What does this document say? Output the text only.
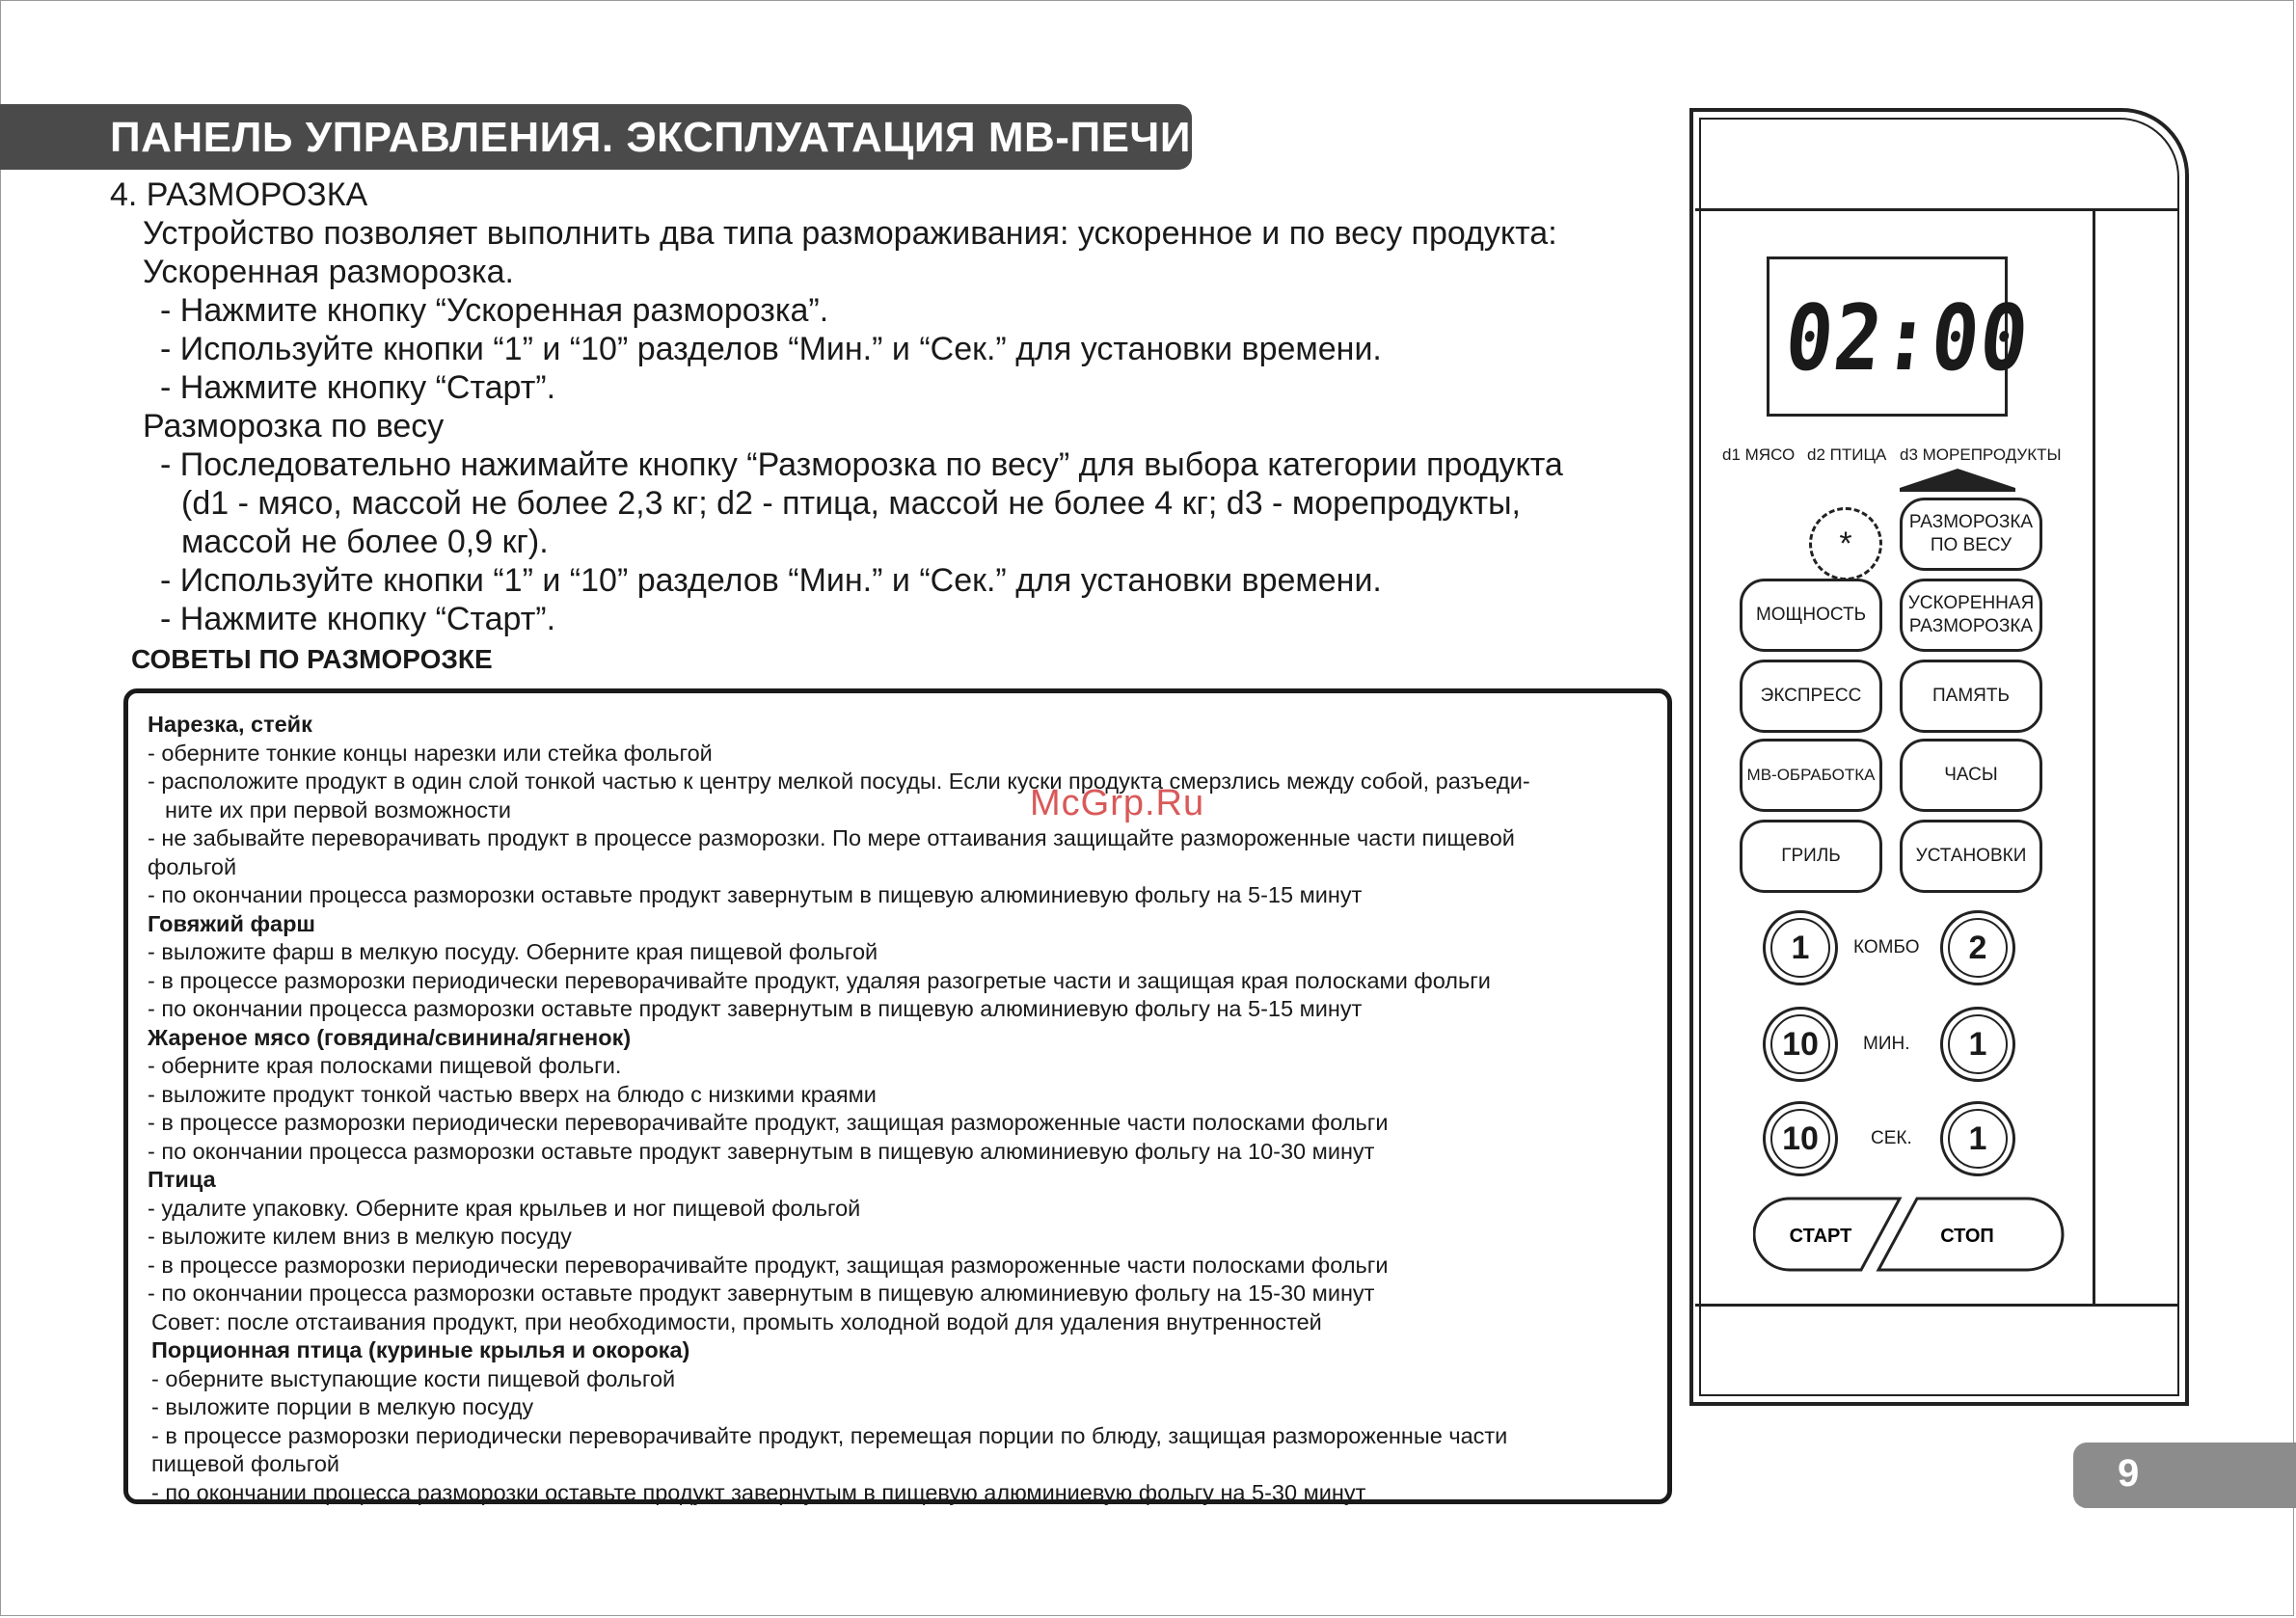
ПАНЕЛЬ УПРАВЛЕНИЯ. ЭКСПЛУАТАЦИЯ МВ-ПЕЧИ
4. РАЗМОРОЗКА
Устройство позволяет выполнить два типа размораживания: ускоренное и по весу продукта:
Ускоренная разморозка.
- Нажмите кнопку “Ускоренная разморозка”.
- Используйте кнопки “1” и “10” разделов “Мин.” и “Сек.” для установки времени.
- Нажмите кнопку “Старт”.
Разморозка по весу
- Последовательно нажимайте кнопку “Разморозка по весу” для выбора категории продукта
(d1 - мясо, массой не более 2,3 кг; d2 - птица, массой не более 4 кг; d3 - морепродукты,
массой не более 0,9 кг).
- Используйте кнопки “1” и “10” разделов “Мин.” и “Сек.” для установки времени.
- Нажмите кнопку “Старт”.
СОВЕТЫ ПО РАЗМОРОЗКЕ
Нарезка, стейк
- оберните тонкие концы нарезки или стейка фольгой
- расположите продукт в один слой тонкой частью к центру мелкой посуды. Если куски продукта смерзлись между собой, разъеди-
ните их при первой возможности
- не забывайте переворачивать продукт в процессе разморозки. По мере оттаивания защищайте размороженные части пищевой
фольгой
- по окончании процесса разморозки оставьте продукт завернутым в пищевую алюминиевую фольгу на 5-15 минут
Говяжий фарш
- выложите фарш в мелкую посуду. Оберните края пищевой фольгой
- в процессе разморозки периодически переворачивайте продукт, удаляя разогретые части и защищая края полосками фольги
- по окончании процесса разморозки оставьте продукт завернутым в пищевую алюминиевую фольгу на 5-15 минут
Жареное мясо (говядина/свинина/ягненок)
- оберните края полосками пищевой фольги.
- выложите продукт тонкой частью вверх на блюдо с низкими краями
- в процессе разморозки периодически переворачивайте продукт, защищая размороженные части полосками фольги
- по окончании процесса разморозки оставьте продукт завернутым в пищевую алюминиевую фольгу на 10-30 минут
Птица
- удалите упаковку. Оберните края крыльев и ног пищевой фольгой
- выложите килем вниз в мелкую посуду
- в процессе разморозки периодически переворачивайте продукт, защищая размороженные части полосками фольги
- по окончании процесса разморозки оставьте продукт завернутым в пищевую алюминиевую фольгу на 15-30 минут
Совет: после отстаивания продукт, при необходимости, промыть холодной водой для удаления внутренностей
Порционная птица (куриные крылья и окорока)
- оберните выступающие кости пищевой фольгой
- выложите порции в мелкую посуду
- в процессе разморозки периодически переворачивайте продукт, перемещая порции по блюду, защищая размороженные части
пищевой фольгой
- по окончании процесса разморозки оставьте продукт завернутым в пищевую алюминиевую фольгу на 5-30 минут
McGrp.Ru
02:00
d1 МЯСО d2 ПТИЦА d3 МОРЕПРОДУКТЫ
*
РАЗМОРОЗКА
ПО ВЕСУ
МОЩНОСТЬ
УСКОРЕННАЯ
РАЗМОРОЗКА
ЭКСПРЕСС	ПАМЯТЬ
МВ-ОБРАБОТКА	ЧАСЫ
ГРИЛЬ	УСТАНОВКИ
1	КОМБО	2
10	МИН.	1
10	СЕК.	1
СТАРТ	СТОП
9
